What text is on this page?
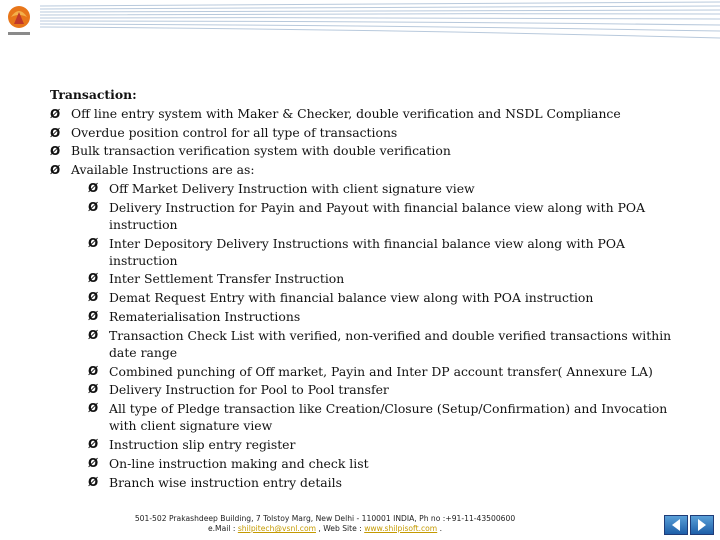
Transaction:
Ø Off line entry system with Maker & Checker, double verification and NSDL Compliance
Ø Overdue position control for all type of transactions
Ø Bulk transaction verification system with double verification
Ø Available Instructions are as:
Ø Off Market Delivery Instruction with client signature view
Ø Delivery Instruction for Payin and Payout with financial balance view along with POA instruction
Ø Inter Depository Delivery Instructions with financial balance view along with POA instruction
Ø Inter Settlement Transfer Instruction
Ø Demat Request Entry with financial balance view along with POA instruction
Ø Rematerialisation Instructions
Ø Transaction Check List with verified, non-verified and double verified transactions within date range
Ø Combined punching of Off market, Payin and Inter DP account transfer( Annexure LA)
Ø Delivery Instruction for Pool to Pool transfer
Ø All type of Pledge transaction like Creation/Closure (Setup/Confirmation) and Invocation with client signature view
Ø Instruction slip entry register
Ø On-line instruction making and check list
Ø Branch wise instruction entry details
501-502 Prakashdeep Building, 7 Tolstoy Marg, New Delhi - 110001 INDIA, Ph no :+91-11-43500600
e.Mail : shilpitech@vsnl.com , Web Site : www.shilpisoft.com .
